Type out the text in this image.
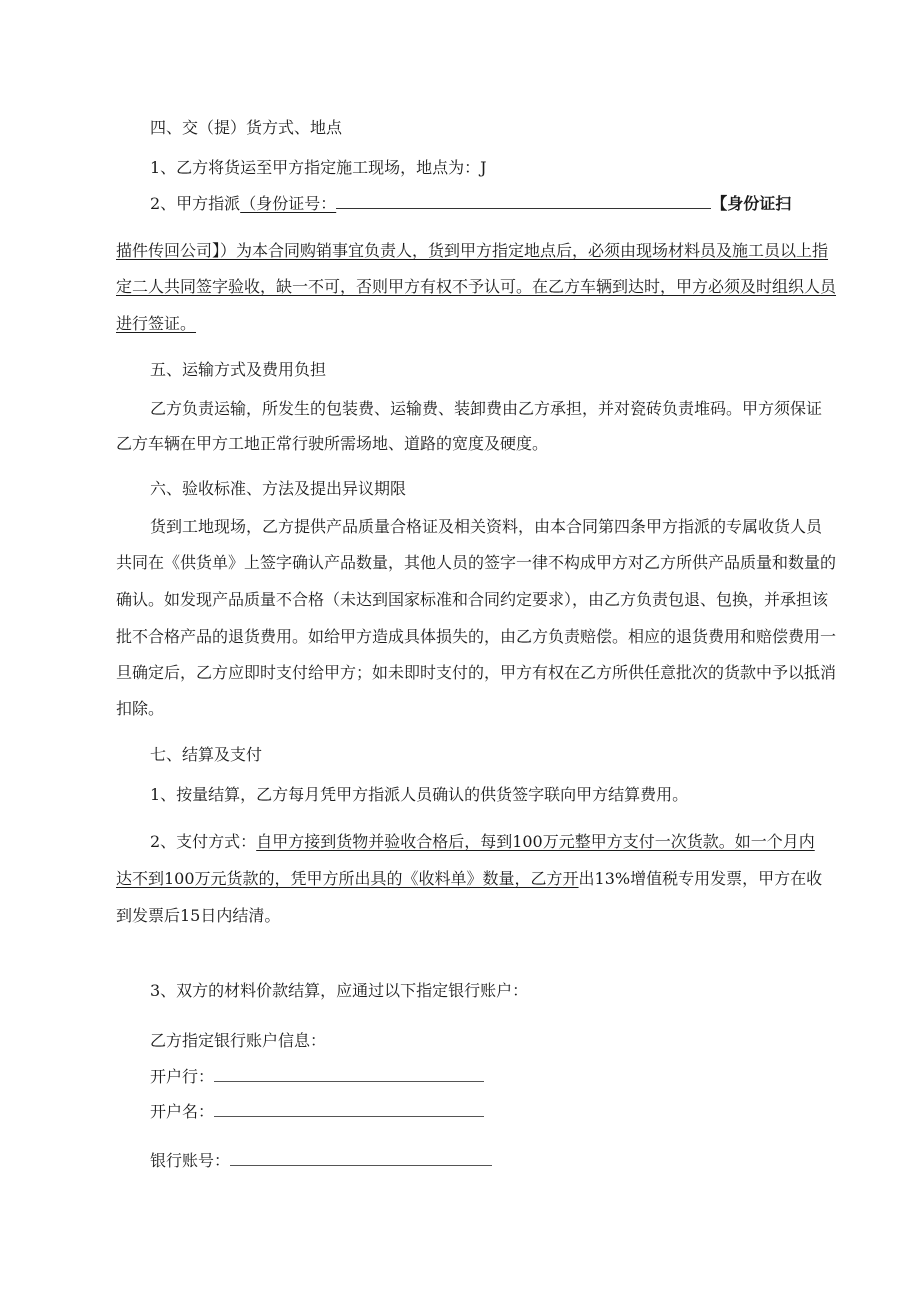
四、交（提）货方式、地点
1、乙方将货运至甲方指定施工现场，地点为：J
2、甲方指派（身份证号：	【身份证扫
描件传回公司】）为本合同购销事宜负责人，货到甲方指定地点后，必须由现场材料员及施工员以上指
定二人共同签字验收，缺一不可，否则甲方有权不予认可。在乙方车辆到达时，甲方必须及时组织人员
进行签证。
五、运输方式及费用负担
乙方负责运输，所发生的包装费、运输费、装卸费由乙方承担，并对瓷砖负责堆码。甲方须保证
乙方车辆在甲方工地正常行驶所需场地、道路的宽度及硬度。
六、验收标准、方法及提出异议期限
货到工地现场，乙方提供产品质量合格证及相关资料，由本合同第四条甲方指派的专属收货人员
共同在《供货单》上签字确认产品数量，其他人员的签字一律不构成甲方对乙方所供产品质量和数量的
确认。如发现产品质量不合格（未达到国家标准和合同约定要求），由乙方负责包退、包换，并承担该
批不合格产品的退货费用。如给甲方造成具体损失的，由乙方负责赔偿。相应的退货费用和赔偿费用一
旦确定后，乙方应即时支付给甲方；如未即时支付的，甲方有权在乙方所供任意批次的货款中予以抵消
扣除。
七、结算及支付
1、按量结算，乙方每月凭甲方指派人员确认的供货签字联向甲方结算费用。
2、支付方式：自甲方接到货物并验收合格后，每到100万元整甲方支付一次货款。如一个月内
达不到100万元货款的，凭甲方所出具的《收料单》数量，乙方开出13%增值税专用发票，甲方在收
到发票后15日内结清。
3、双方的材料价款结算，应通过以下指定银行账户：
乙方指定银行账户信息：
开户行：
开户名：
银行账号：
